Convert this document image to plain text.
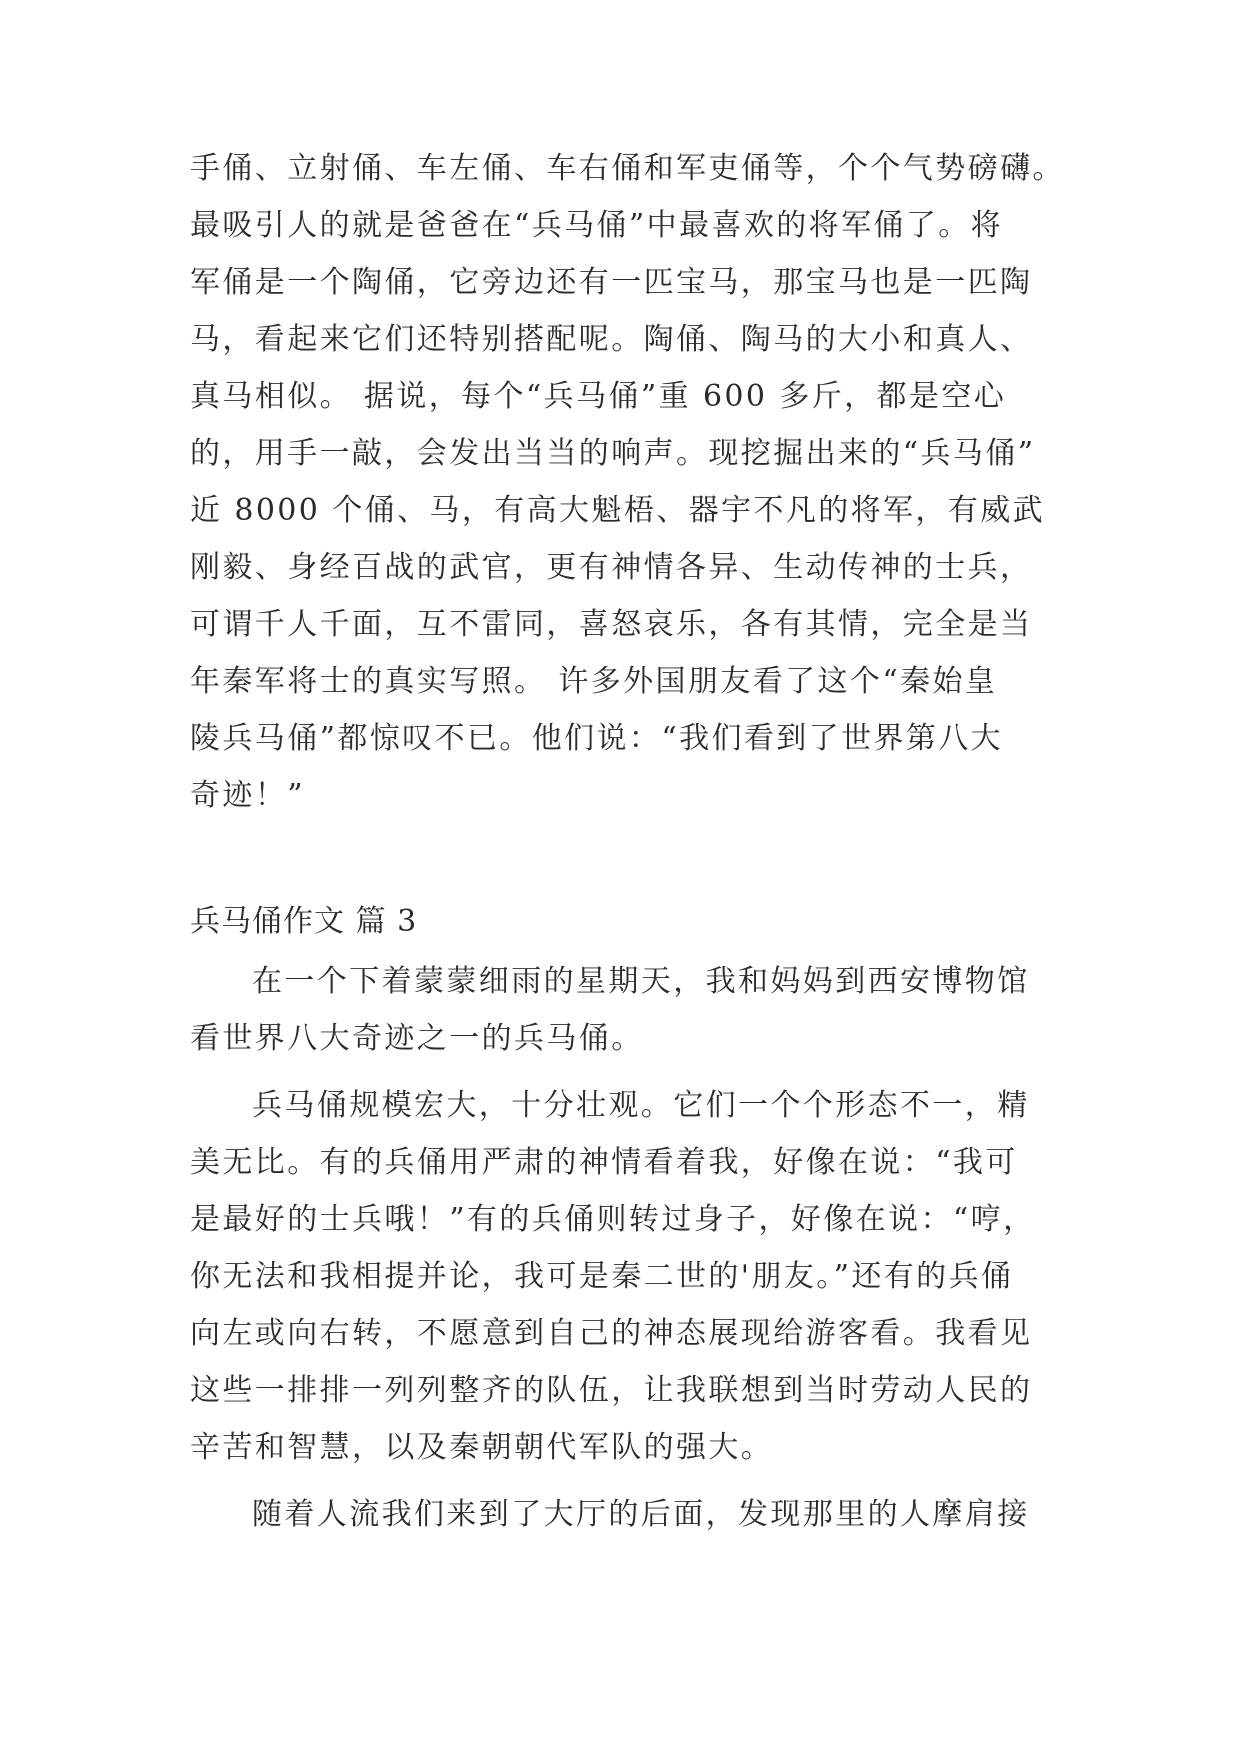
手俑、立射俑、车左俑、车右俑和军吏俑等，个个气势磅礴。

最吸引人的就是爸爸在“兵马俑”中最喜欢的将军俑了。将

军俑是一个陶俑，它旁边还有一匹宝马，那宝马也是一匹陶

马，看起来它们还特别搭配呢。陶俑、陶马的大小和真人、

真马相似。 据说，每个“兵马俑”重 600 多斤，都是空心

的，用手一敲，会发出当当的响声。现挖掘出来的“兵马俑”

近 8000 个俑、马，有高大魁梧、器宇不凡的将军，有威武

刚毅、身经百战的武官，更有神情各异、生动传神的士兵，

可谓千人千面，互不雷同，喜怒哀乐，各有其情，完全是当

年秦军将士的真实写照。 许多外国朋友看了这个“秦始皇

陵兵马俑”都惊叹不已。他们说：“我们看到了世界第八大

奇迹！”

兵马俑作文 篇 3

在一个下着蒙蒙细雨的星期天，我和妈妈到西安博物馆

看世界八大奇迹之一的兵马俑。

兵马俑规模宏大，十分壮观。它们一个个形态不一，精

美无比。有的兵俑用严肃的神情看着我，好像在说：“我可

是最好的士兵哦！”有的兵俑则转过身子，好像在说：“哼，

你无法和我相提并论，我可是秦二世的'朋友。”还有的兵俑

向左或向右转，不愿意到自己的神态展现给游客看。我看见

这些一排排一列列整齐的队伍，让我联想到当时劳动人民的

辛苦和智慧，以及秦朝朝代军队的强大。

随着人流我们来到了大厅的后面，发现那里的人摩肩接
